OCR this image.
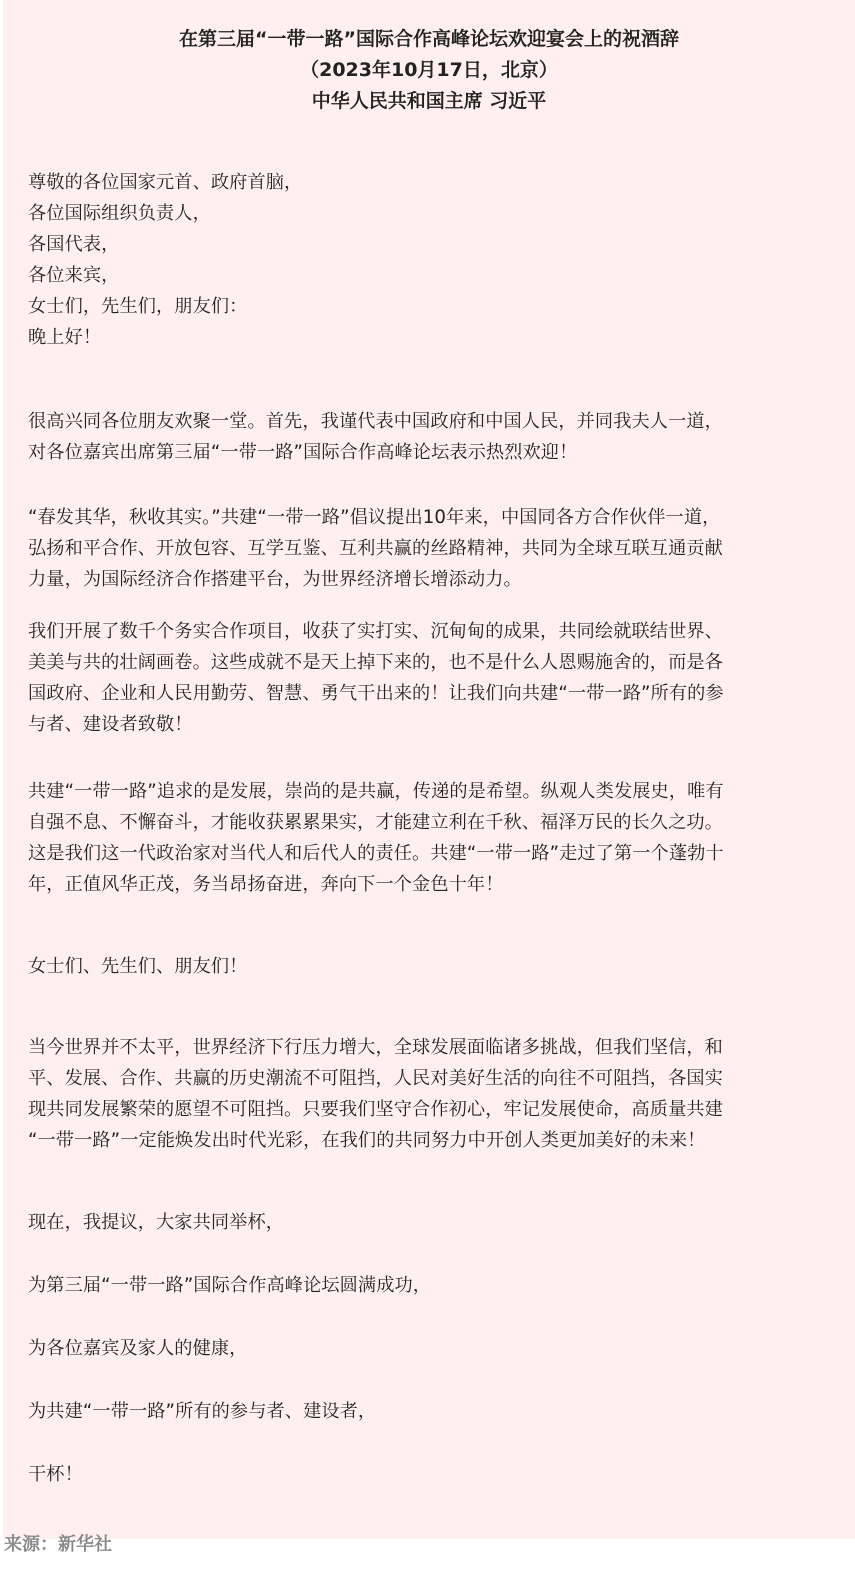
在第三届“一带一路”国际合作高峰论坛欢迎宴会上的祝酒辞
（2023年10月17日，北京）
中华人民共和国主席 习近平
尊敬的各位国家元首、政府首脑，
各位国际组织负责人，
各国代表，
各位来宾，
女士们，先生们，朋友们：
晚上好！
很高兴同各位朋友欢聚一堂。首先，我谨代表中国政府和中国人民，并同我夫人一道，
对各位嘉宾出席第三届“一带一路”国际合作高峰论坛表示热烈欢迎！
“春发其华，秋收其实。”共建“一带一路”倡议提出10年来，中国同各方合作伙伴一道，
弘扬和平合作、开放包容、互学互鉴、互利共赢的丝路精神，共同为全球互联互通贡献
力量，为国际经济合作搭建平台，为世界经济增长增添动力。
我们开展了数千个务实合作项目，收获了实打实、沉甸甸的成果，共同绘就联结世界、
美美与共的壮阔画卷。这些成就不是天上掉下来的，也不是什么人恩赐施舍的，而是各
国政府、企业和人民用勤劳、智慧、勇气干出来的！让我们向共建“一带一路”所有的参
与者、建设者致敬！
共建“一带一路”追求的是发展，崇尚的是共赢，传递的是希望。纵观人类发展史，唯有
自强不息、不懈奋斗，才能收获累累果实，才能建立利在千秋、福泽万民的长久之功。
这是我们这一代政治家对当代人和后代人的责任。共建“一带一路”走过了第一个蓬勃十
年，正值风华正茂，务当昂扬奋进，奔向下一个金色十年！
女士们、先生们、朋友们！
当今世界并不太平，世界经济下行压力增大，全球发展面临诸多挑战，但我们坚信，和
平、发展、合作、共赢的历史潮流不可阻挡，人民对美好生活的向往不可阻挡，各国实
现共同发展繁荣的愿望不可阻挡。只要我们坚守合作初心，牢记发展使命，高质量共建
“一带一路”一定能焕发出时代光彩，在我们的共同努力中开创人类更加美好的未来！
现在，我提议，大家共同举杯，
为第三届“一带一路”国际合作高峰论坛圆满成功，
为各位嘉宾及家人的健康，
为共建“一带一路”所有的参与者、建设者，
干杯！
来源：新华社
